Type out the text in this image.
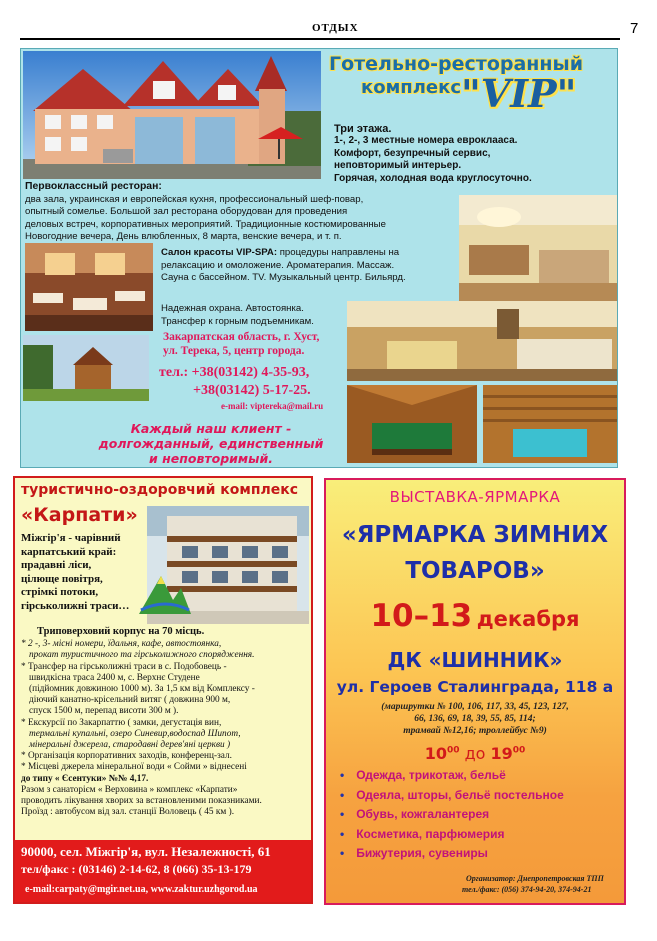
ОТДЫХ	7
Готельно-ресторанный
комплекс "VIP"
Три этажа.
1-, 2-, 3 местные номера евроклааса.
Комфорт, безупречный сервис,
неповторимый интерьер.
Горячая, холодная вода круглосуточно.
Первоклассный ресторан:
два зала, украинская и европейская кухня, профессиональный шеф-повар,
опытный сомелье. Большой зал ресторана оборудован для проведения
деловых встреч, корпоративных мероприятий. Традиционные костюмированные
Новогодние вечера, День влюбленных, 8 марта, венские вечера, и т. п.
Салон красоты VIP-SPA: процедуры направлены на
релаксацию и омоложение. Ароматерапия. Массаж.
Сауна с бассейном. TV. Музыкальный центр. Бильярд.
Надежная охрана. Автостоянка.
Трансфер к горным подъемникам.
Закарпатская область, г. Хуст,
ул. Терека, 5, центр города.
тел.: +38(03142) 4-35-93,
+38(03142) 5-17-25.
e-mail: viptereka@mail.ru
Каждый наш клиент -
долгожданный, единственный
и неповторимый.
туристично-оздоровчий комплекс
«Карпати»
Міжгір'я - чарівний
карпатський край:
прадавні ліси,
цілюще повітря,
стрімкі потоки,
гірськолижні траси…

Триповерховий корпус на 70 місць.

* 2 -, 3- місні номери, їдальня, кафе, автостоянка,

прокат туристичного та гірськолижного спорядження.

* Трансфер на гірськолижні траси в с. Подобовець -

швидкісна траса 2400 м, с. Верхнє Студене

(підйомник довжиною 1000 м). За 1,5 км від Комплексу -

діючий канатно-крісельний витяг ( довжина 900 м,

спуск 1500 м, перепад висоти 300 м ).

* Екскурсії по Закарпаттю ( замки, дегустація вин,

термальні купальні, озеро Синевир,водоспад Шипот,

мінеральні джерела, стародавні дерев'яні церкви )

* Організація корпоративних заходів, конференц-зал.

* Місцеві джерела мінеральної води « Сойми » віднесені

до типу « Єсентуки» №№ 4,17.

Разом з санаторієм « Верховина » комплекс «Карпати»

проводить лікування хворих за встановленими показниками.

Проїзд : автобусом від зал. станції Воловець ( 45 км ).

90000, сел. Міжгір'я, вул. Незалежності, 61
тел/факс : (03146) 2-14-62, 8 (066) 35-13-179
e-mail:carpaty@mgir.net.ua, www.zaktur.uzhgorod.ua
ВЫСТАВКА-ЯРМАРКА
«ЯРМАРКА ЗИМНИХ
ТОВАРОВ»
10–13 декабря
ДК «ШИННИК»
ул. Героев Сталинграда, 118 а
(маршрутки № 100, 106, 117, 33, 45, 123, 127,
66, 136, 69, 18, 39, 55, 85, 114;
трамвай №12,16; троллейбус №9)
$10^{00}$ до $19^{00}$
• Одежда, трикотаж, бельё
• Одеяла, шторы, бельё постельное
• Обувь, кожгалантерея
• Косметика, парфюмерия
• Бижутерия, сувениры
Организатор: Днепропетровская ТПП
тел./факс: (056) 374-94-20, 374-94-21
